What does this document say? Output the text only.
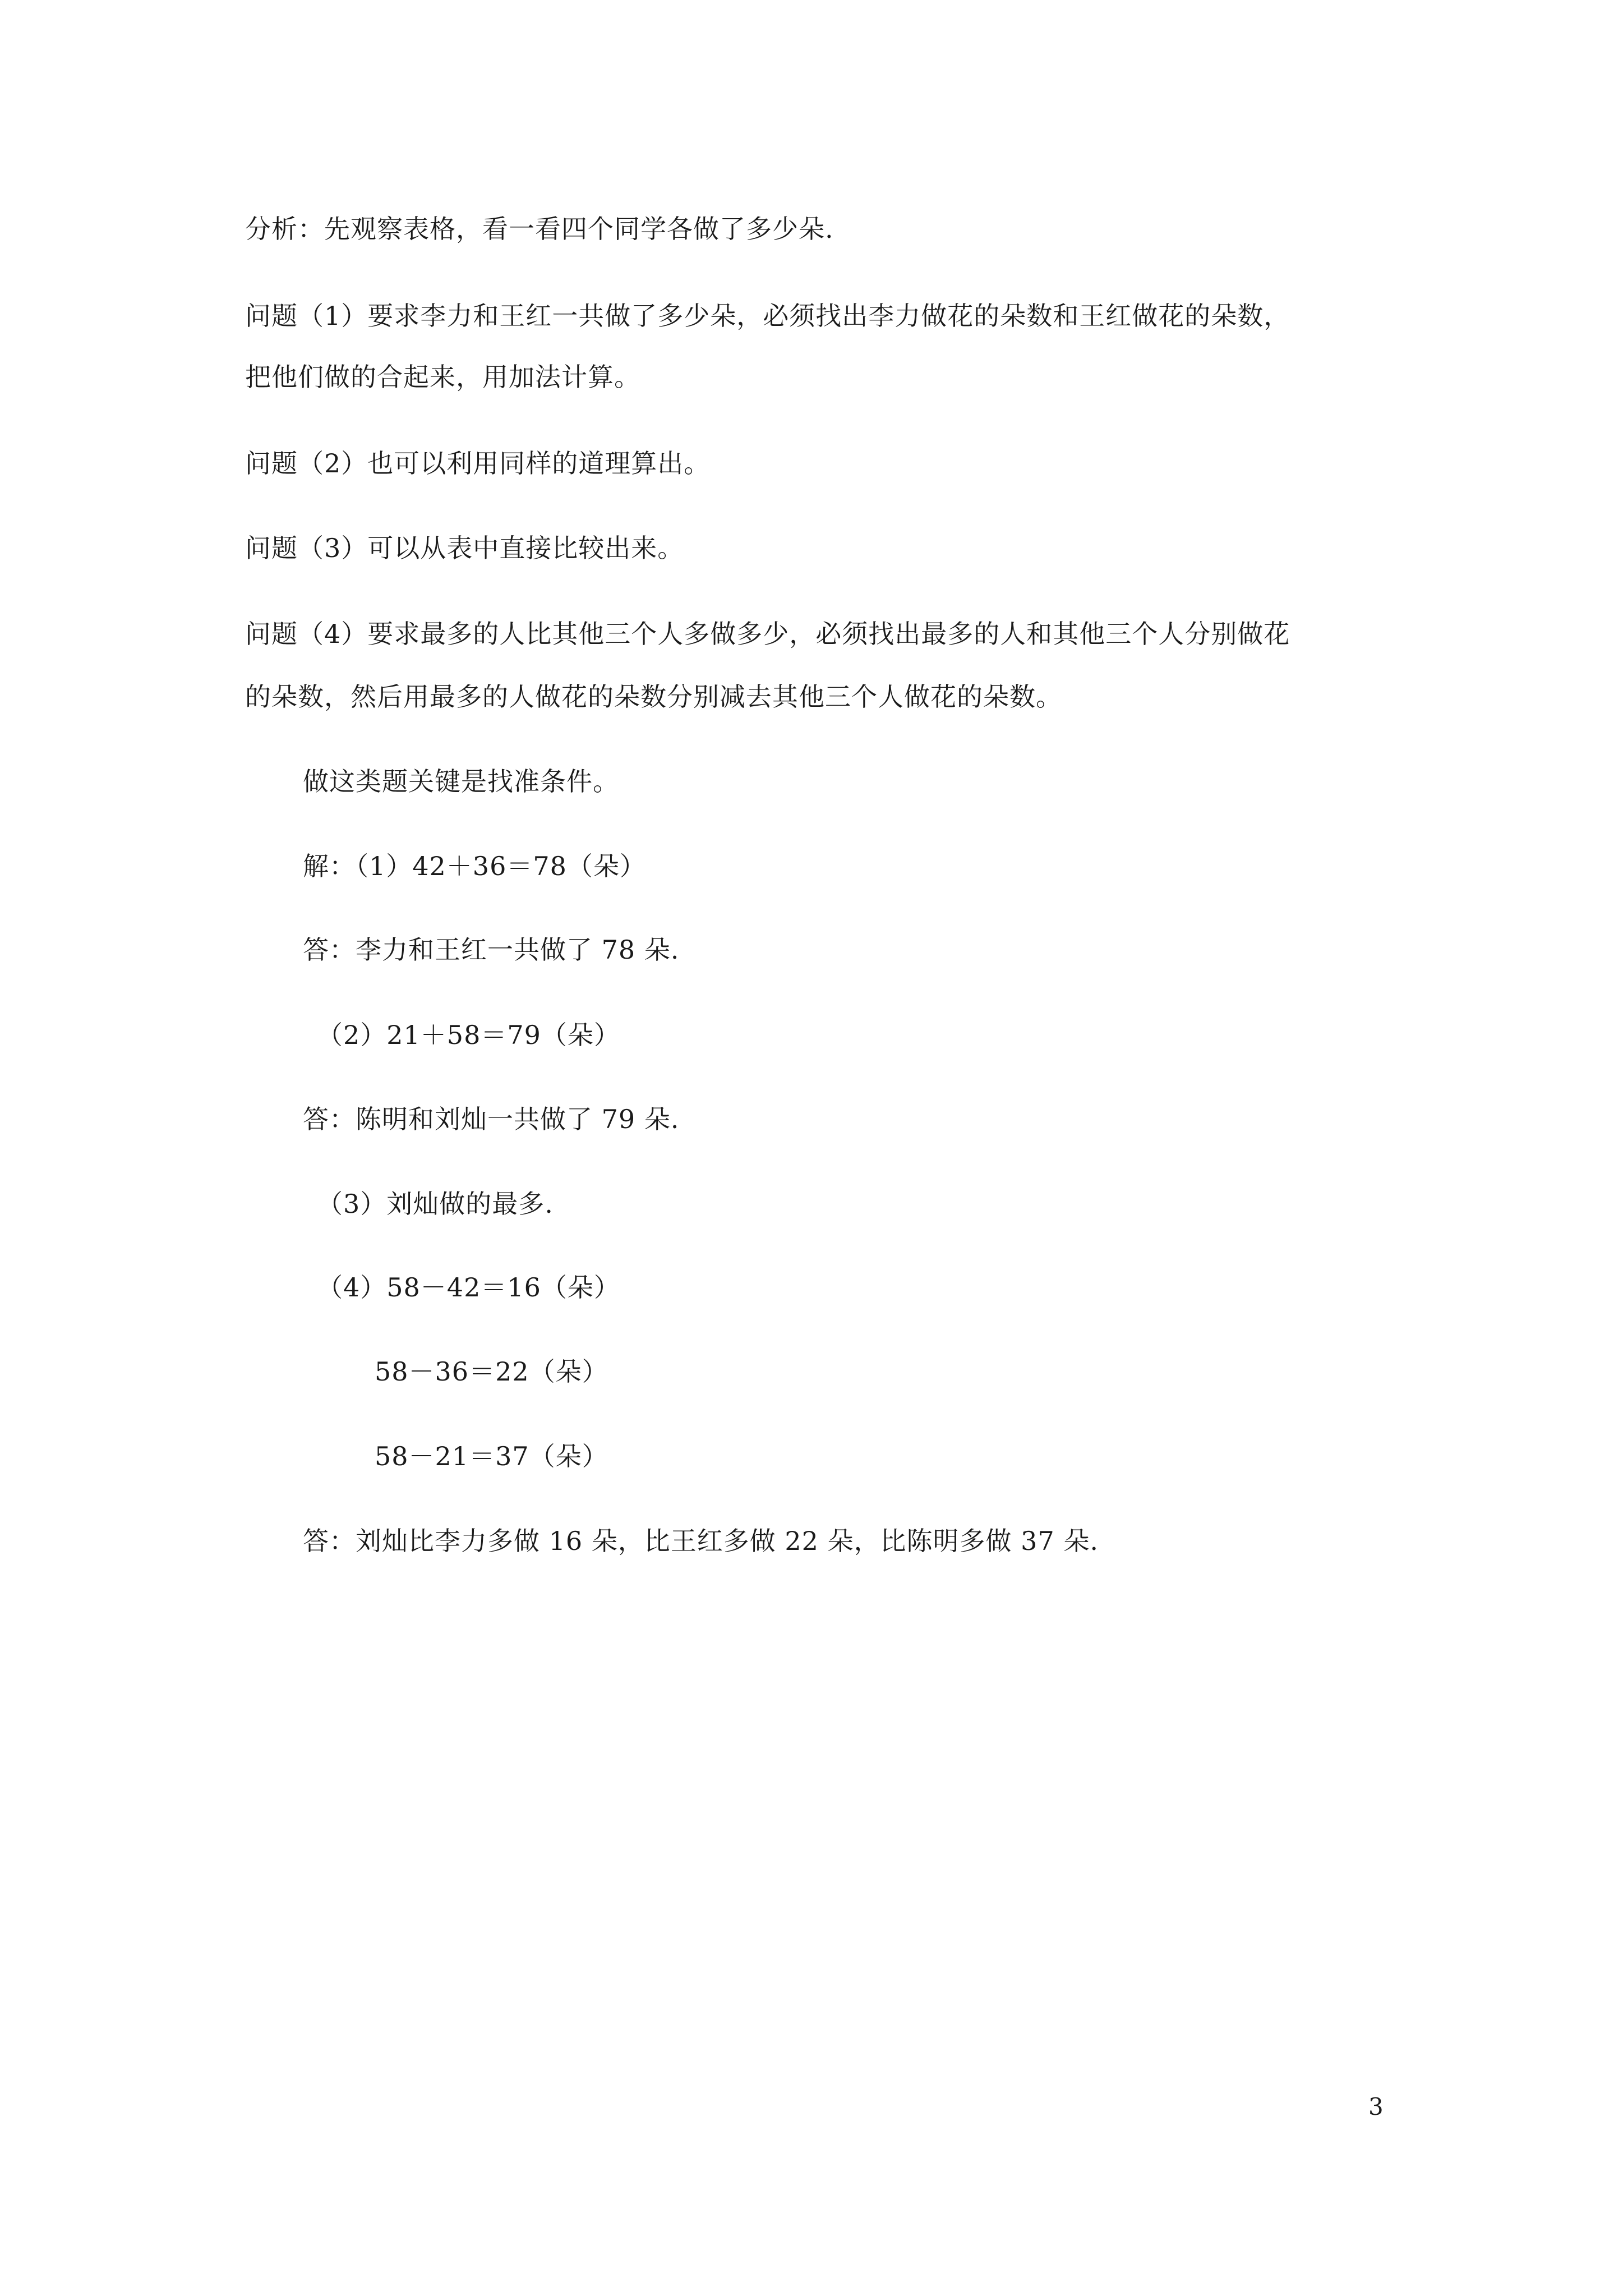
分析：先观察表格，看一看四个同学各做了多少朵.
问题（1）要求李力和王红一共做了多少朵，必须找出李力做花的朵数和王红做花的朵数，
把他们做的合起来，用加法计算。
问题（2）也可以利用同样的道理算出。
问题（3）可以从表中直接比较出来。
问题（4）要求最多的人比其他三个人多做多少，必须找出最多的人和其他三个人分别做花
的朵数，然后用最多的人做花的朵数分别减去其他三个人做花的朵数。
做这类题关键是找准条件。
解：（1）42＋36＝78（朵）
答：李力和王红一共做了 78 朵.
（2）21＋58＝79（朵）
答：陈明和刘灿一共做了 79 朵.
（3）刘灿做的最多.
（4）58－42＝16（朵）
58－36＝22（朵）
58－21＝37（朵）
答：刘灿比李力多做 16 朵，比王红多做 22 朵，比陈明多做 37 朵.
3
